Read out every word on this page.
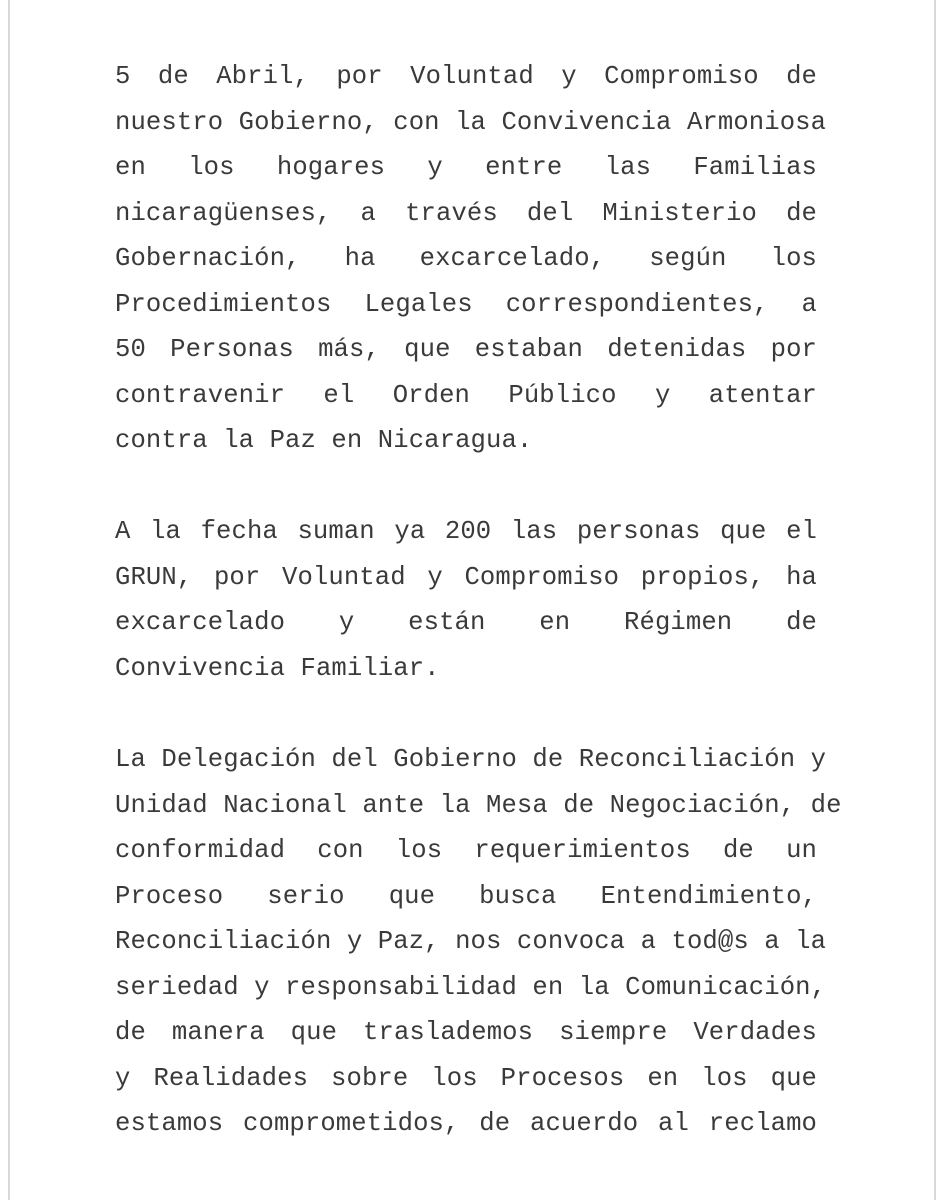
5 de Abril, por Voluntad y Compromiso de
nuestro Gobierno, con la Convivencia Armoniosa
en los hogares y entre las Familias
nicaragüenses, a través del Ministerio de
Gobernación, ha excarcelado, según los
Procedimientos Legales correspondientes, a
50 Personas más, que estaban detenidas por
contravenir el Orden Público y atentar
contra la Paz en Nicaragua.
A la fecha suman ya 200 las personas que el
GRUN, por Voluntad y Compromiso propios, ha
excarcelado y están en Régimen de
Convivencia Familiar.
La Delegación del Gobierno de Reconciliación y
Unidad Nacional ante la Mesa de Negociación, de
conformidad con los requerimientos de un
Proceso serio que busca Entendimiento,
Reconciliación y Paz, nos convoca a tod@s a la
seriedad y responsabilidad en la Comunicación,
de manera que traslademos siempre Verdades
y Realidades sobre los Procesos en los que
estamos comprometidos, de acuerdo al reclamo
